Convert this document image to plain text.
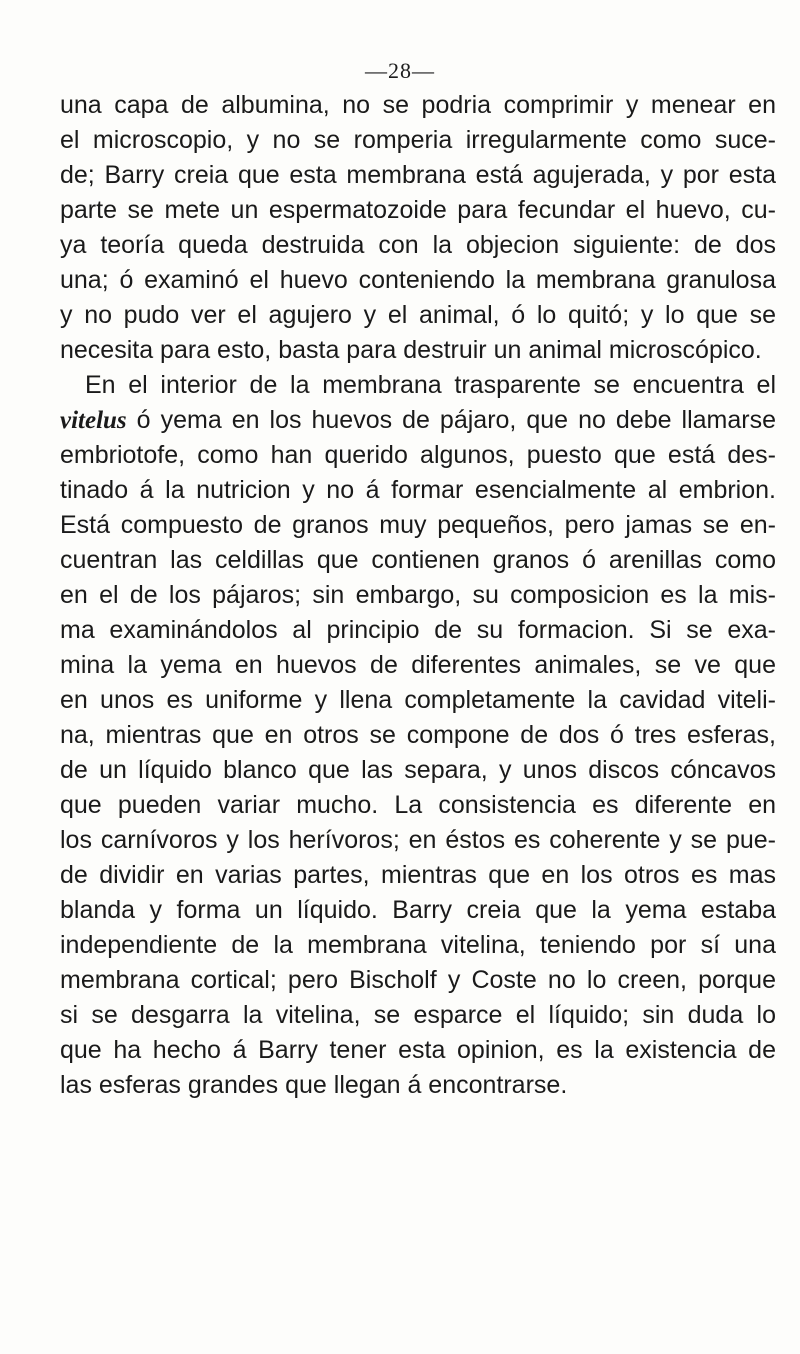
—28—
una capa de albumina, no se podria comprimir y menear en
el microscopio, y no se romperia irregularmente como suce-
de; Barry creia que esta membrana está agujerada, y por esta
parte se mete un espermatozoide para fecundar el huevo, cu-
ya teoría queda destruida con la objecion siguiente: de dos
una; ó examinó el huevo conteniendo la membrana granulosa
y no pudo ver el agujero y el animal, ó lo quitó; y lo que se
necesita para esto, basta para destruir un animal microscópico.
En el interior de la membrana trasparente se encuentra el
vitelus ó yema en los huevos de pájaro, que no debe llamarse
embriotofe, como han querido algunos, puesto que está des-
tinado á la nutricion y no á formar esencialmente al embrion.
Está compuesto de granos muy pequeños, pero jamas se en-
cuentran las celdillas que contienen granos ó arenillas como
en el de los pájaros; sin embargo, su composicion es la mis-
ma examinándolos al principio de su formacion. Si se exa-
mina la yema en huevos de diferentes animales, se ve que
en unos es uniforme y llena completamente la cavidad viteli-
na, mientras que en otros se compone de dos ó tres esferas,
de un líquido blanco que las separa, y unos discos cóncavos
que pueden variar mucho. La consistencia es diferente en
los carnívoros y los herívoros; en éstos es coherente y se pue-
de dividir en varias partes, mientras que en los otros es mas
blanda y forma un líquido. Barry creia que la yema estaba
independiente de la membrana vitelina, teniendo por sí una
membrana cortical; pero Bischolf y Coste no lo creen, porque
si se desgarra la vitelina, se esparce el líquido; sin duda lo
que ha hecho á Barry tener esta opinion, es la existencia de
las esferas grandes que llegan á encontrarse.
